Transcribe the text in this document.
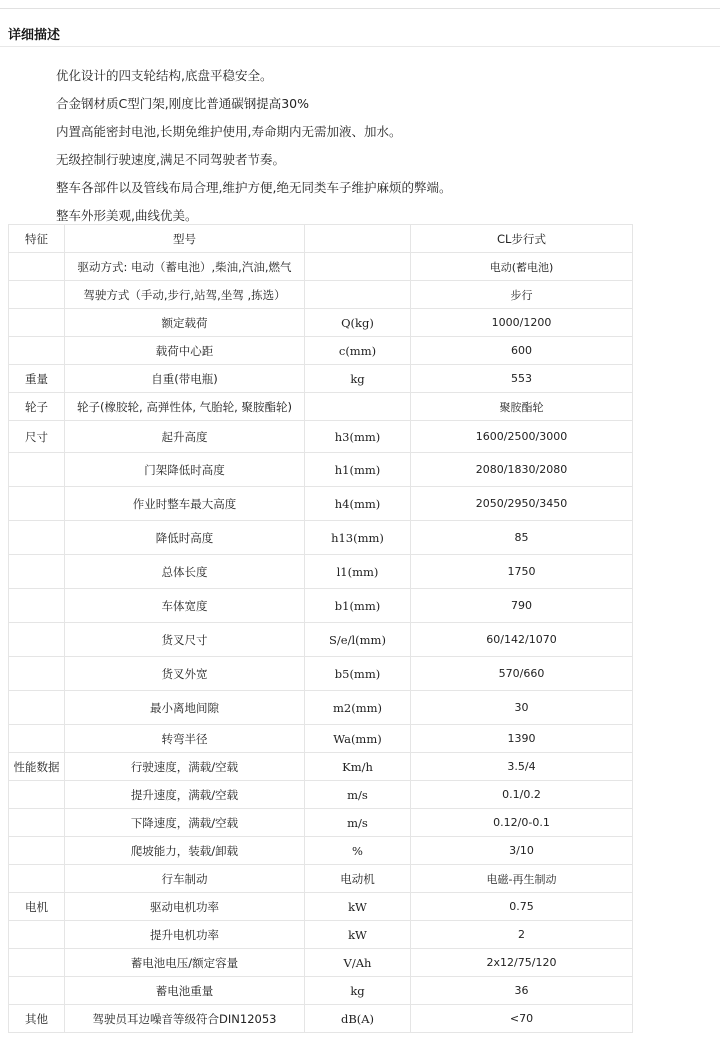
详细描述
优化设计的四支轮结构,底盘平稳安全。
合金钢材质C型门架,刚度比普通碳钢提高30%
内置高能密封电池,长期免维护使用,寿命期内无需加液、加水。
无级控制行驶速度,满足不同驾驶者节奏。
整车各部件以及管线布局合理,维护方便,绝无同类车子维护麻烦的弊端。
整车外形美观,曲线优美。
特征	型号		CL步行式
	驱动方式: 电动（蓄电池）,柴油,汽油,燃气		电动(蓄电池)
	驾驶方式（手动,步行,站驾,坐驾 ,拣选）		步行
	额定载荷	Q(kg)	1000/1200
	载荷中心距	c(mm)	600
重量	自重(带电瓶)	kg	553
轮子	轮子(橡胶轮, 高弹性体, 气胎轮, 聚胺酯轮)		聚胺酯轮
尺寸	起升高度	h3(mm)	1600/2500/3000
	门架降低时高度	h1(mm)	2080/1830/2080
	作业时整车最大高度	h4(mm)	2050/2950/3450
	降低时高度	h13(mm)	85
	总体长度	l1(mm)	1750
	车体宽度	b1(mm)	790
	货叉尺寸	S/e/l(mm)	60/142/1070
	货叉外宽	b5(mm)	570/660
	最小离地间隙	m2(mm)	30
	转弯半径	Wa(mm)	1390
性能数据	行驶速度，满载/空载	Km/h	3.5/4
	提升速度，满载/空载	m/s	0.1/0.2
	下降速度，满载/空载	m/s	0.12/0-0.1
	爬坡能力，装载/卸载	%	3/10
	行车制动	电动机	电磁-再生制动
电机	驱动电机功率	kW	0.75
	提升电机功率	kW	2
	蓄电池电压/额定容量	V/Ah	2x12/75/120
	蓄电池重量	kg	36
其他	驾驶员耳边噪音等级符合DIN12053	dB(A)	<70
